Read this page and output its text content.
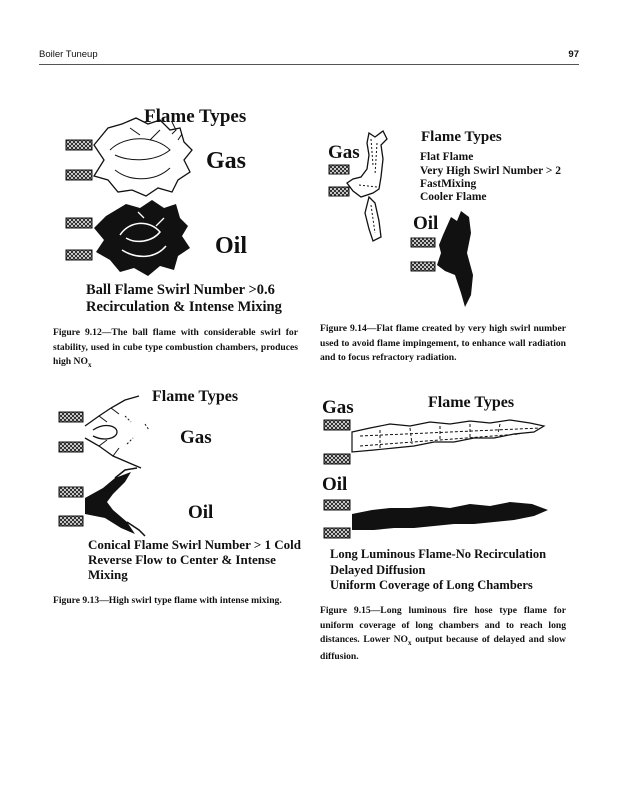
Boiler Tuneup	97
Flame Types
Gas
Oil
Ball Flame Swirl Number >0.6
Recirculation & Intense Mixing
Figure 9.12—The ball flame with considerable swirl for stability, used in cube type combustion chambers, produces high $NO_x$
Flame Types
Gas	Flat Flame
Very High Swirl Number > 2
FastMixing
Cooler Flame
Oil
Figure 9.14—Flat flame created by very high swirl number used to avoid flame impingement, to enhance wall radiation and to focus refractory radiation.
Flame Types
Gas
Oil
Conical Flame Swirl Number > 1 Cold
Reverse Flow to Center & Intense
Mixing
Figure 9.13—High swirl type flame with intense mixing.
Gas	Flame Types
Oil
Long Luminous Flame-No Recirculation
Delayed Diffusion
Uniform Coverage of Long Chambers
Figure 9.15—Long luminous fire hose type flame for uniform coverage of long chambers and to reach long distances. Lower $NO_x$ output because of delayed and slow diffusion.
